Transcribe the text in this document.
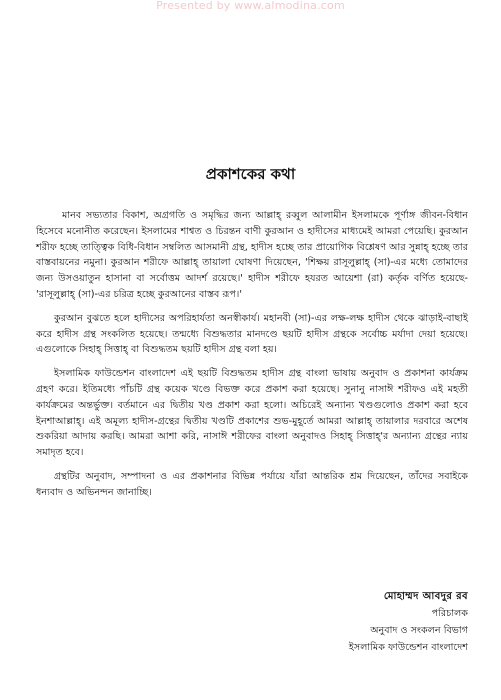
Presented by www.almodina.com
প্রকাশকের কথা

মানব সভ্যতার বিকাশ, অগ্রগতি ও সমৃদ্ধির জন্য আল্লাহ্ রব্বুল আলামীন ইসলামকে পূর্ণাঙ্গ জীবন-বিধান হিসেবে মনোনীত করেছেন। ইসলামের শাশ্বত ও চিরন্তন বাণী কুরআন ও হাদীসের মাধ্যমেই আমরা পেয়েছি। কুরআন শরীফ হচ্ছে তাত্ত্বিক বিধি-বিধান সম্বলিত আসমানী গ্রন্থ, হাদীস হচ্ছে তার প্রায়োগিক বিশ্লেষণ আর সুন্নাহ্ হচ্ছে তার বাস্তবায়নের নমুনা। কুরআন শরীফে আল্লাহ্ তায়ালা ঘোষণা দিয়েছেন, 'শিক্ষয় রাসূলুল্লাহ্ (সা)-এর মধ্যে তোমাদের জন্য উসওয়াতুন হাসানা বা সর্বোত্তম আদর্শ রয়েছে।' হাদীস শরীফে হযরত আয়েশা (রা) কর্তৃক বর্ণিত হয়েছে- 'রাসূলুল্লাহ্ (সা)-এর চরিত্র হচ্ছে কুরআনের বাস্তব রূপ।'

কুরআন বুঝতে হলে হাদীসের অপরিহার্যতা অনস্বীকার্য। মহানবী (সা)-এর লক্ষ-লক্ষ হাদীস থেকে ঝাড়াই-বাছাই করে হাদীস গ্রন্থ সংকলিত হয়েছে। তন্মধ্যে বিশুদ্ধতার মানদণ্ডে ছয়টি হাদীস গ্রন্থকে সর্বোচ্চ মর্যাদা দেয়া হয়েছে। এগুলোকে সিহাহ্ সিত্তাহ্ বা বিশুদ্ধতম ছয়টি হাদীস গ্রন্থ বলা হয়।

ইসলামিক ফাউন্ডেশন বাংলাদেশ এই ছয়টি বিশুদ্ধতম হাদীস গ্রন্থ বাংলা ভাষায় অনুবাদ ও প্রকাশনা কার্যক্রম গ্রহণ করে। ইতিমধ্যে পাঁচটি গ্রন্থ কয়েক খণ্ডে বিভক্ত করে প্রকাশ করা হয়েছে। সুনানু নাসাঈ শরীফও এই মহতী কার্যক্রমের অন্তর্ভুক্ত। বর্তমানে এর দ্বিতীয় খণ্ড প্রকাশ করা হলো। অচিরেই অন্যান্য খণ্ডগুলোও প্রকাশ করা হবে ইনশাআল্লাহ্। এই অমূল্য হাদীস-গ্রন্থের দ্বিতীয় খণ্ডটি প্রকাশের শুভ-মুহূর্তে আমরা আল্লাহ্ তায়ালার দরবারে অশেষ শুকরিয়া আদায় করছি। আমরা আশা করি, নাসাঈ শরীফের বাংলা অনুবাদও সিহাহ্ সিত্তাহ্'র অন্যান্য গ্রন্থের ন্যায় সমাদৃত হবে।

গ্রন্থটির অনুবাদ, সম্পাদনা ও এর প্রকাশনার বিভিন্ন পর্যায়ে যাঁরা আন্তরিক শ্রম দিয়েছেন, তাঁদের সবাইকে ধন্যবাদ ও অভিনন্দন জানাচ্ছি।

মোহাম্মদ আবদুর রব
পরিচালক
অনুবাদ ও সংকলন বিভাগ
ইসলামিক ফাউন্ডেশন বাংলাদেশ
